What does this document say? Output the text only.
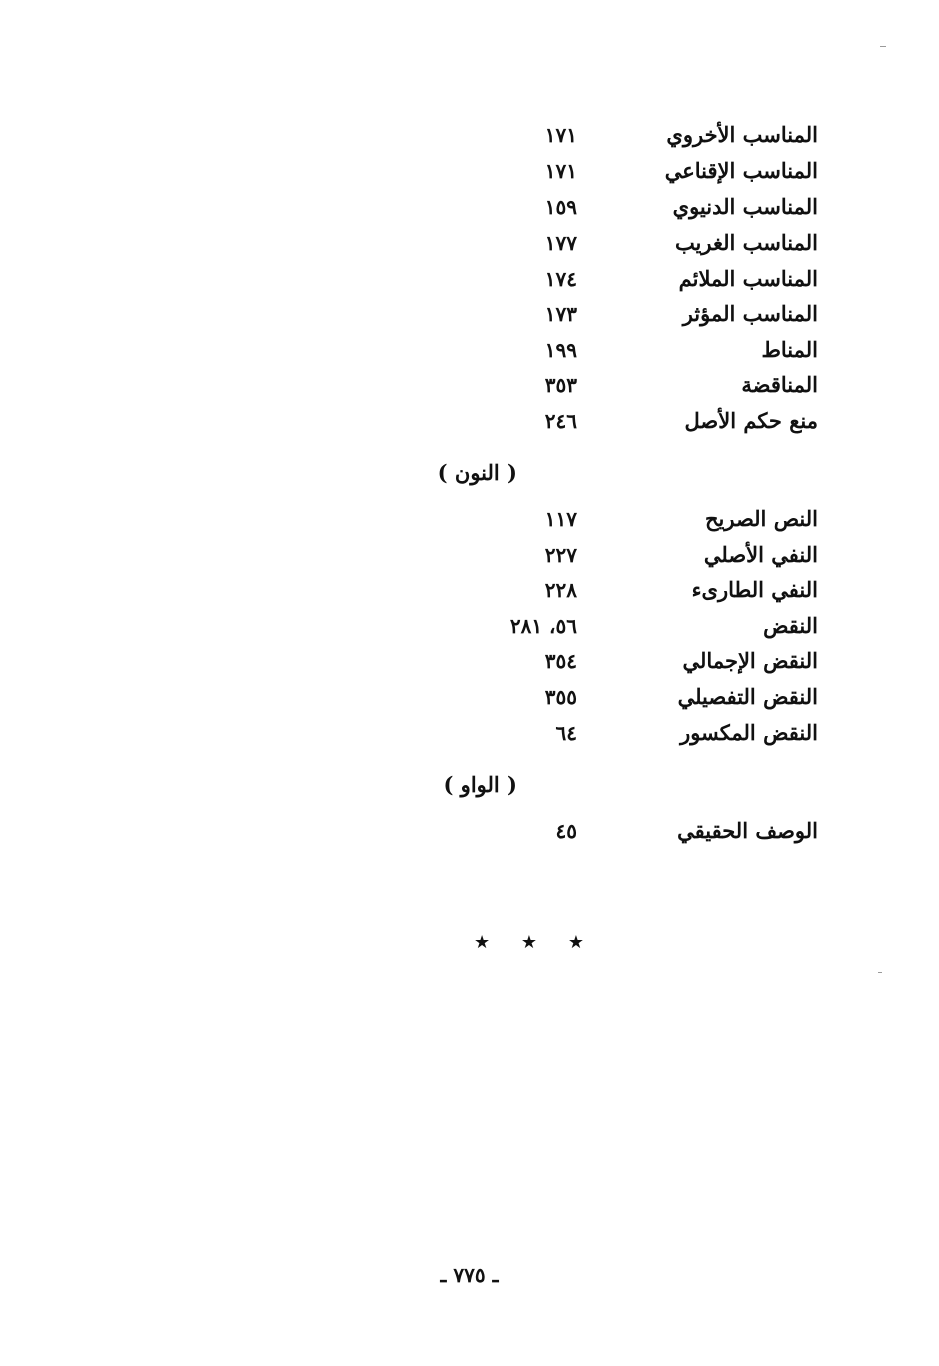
المناسب الأخروي
١٧١
المناسب الإقناعي
١٧١
المناسب الدنيوي
١٥٩
المناسب الغريب
١٧٧
المناسب الملائم
١٧٤
المناسب المؤثر
١٧٣
المناط
١٩٩
المناقضة
٣٥٣
منع حكم الأصل
٢٤٦
( النون )
النص الصريح
١١٧
النفي الأصلي
٢٢٧
النفي الطارىء
٢٢٨
النقض
٥٦، ٢٨١
النقض الإجمالي
٣٥٤
النقض التفصيلي
٣٥٥
النقض المكسور
٦٤
( الواو )
الوصف الحقيقي
٤٥
★ ★ ★
ـ ٧٧٥ ـ
